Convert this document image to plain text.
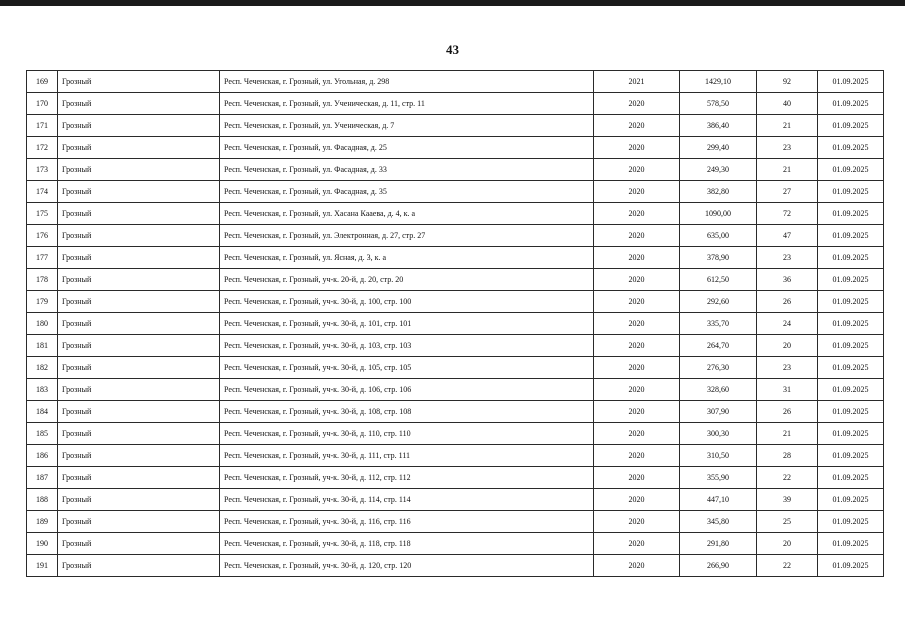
43
169	Грозный	Респ. Чеченская, г. Грозный, ул. Угольная, д. 298	2021	1429,10	92	01.09.2025
170	Грозный	Респ. Чеченская, г. Грозный, ул. Ученическая, д. 11, стр. 11	2020	578,50	40	01.09.2025
171	Грозный	Респ. Чеченская, г. Грозный, ул. Ученическая, д. 7	2020	386,40	21	01.09.2025
172	Грозный	Респ. Чеченская, г. Грозный, ул. Фасадная, д. 25	2020	299,40	23	01.09.2025
173	Грозный	Респ. Чеченская, г. Грозный, ул. Фасадная, д. 33	2020	249,30	21	01.09.2025
174	Грозный	Респ. Чеченская, г. Грозный, ул. Фасадная, д. 35	2020	382,80	27	01.09.2025
175	Грозный	Респ. Чеченская, г. Грозный, ул. Хасана Кааева, д. 4, к. а	2020	1090,00	72	01.09.2025
176	Грозный	Респ. Чеченская, г. Грозный, ул. Электронная, д. 27, стр. 27	2020	635,00	47	01.09.2025
177	Грозный	Респ. Чеченская, г. Грозный, ул. Ясная, д. 3, к. а	2020	378,90	23	01.09.2025
178	Грозный	Респ. Чеченская, г. Грозный, уч-к. 20-й, д. 20, стр. 20	2020	612,50	36	01.09.2025
179	Грозный	Респ. Чеченская, г. Грозный, уч-к. 30-й, д. 100, стр. 100	2020	292,60	26	01.09.2025
180	Грозный	Респ. Чеченская, г. Грозный, уч-к. 30-й, д. 101, стр. 101	2020	335,70	24	01.09.2025
181	Грозный	Респ. Чеченская, г. Грозный, уч-к. 30-й, д. 103, стр. 103	2020	264,70	20	01.09.2025
182	Грозный	Респ. Чеченская, г. Грозный, уч-к. 30-й, д. 105, стр. 105	2020	276,30	23	01.09.2025
183	Грозный	Респ. Чеченская, г. Грозный, уч-к. 30-й, д. 106, стр. 106	2020	328,60	31	01.09.2025
184	Грозный	Респ. Чеченская, г. Грозный, уч-к. 30-й, д. 108, стр. 108	2020	307,90	26	01.09.2025
185	Грозный	Респ. Чеченская, г. Грозный, уч-к. 30-й, д. 110, стр. 110	2020	300,30	21	01.09.2025
186	Грозный	Респ. Чеченская, г. Грозный, уч-к. 30-й, д. 111, стр. 111	2020	310,50	28	01.09.2025
187	Грозный	Респ. Чеченская, г. Грозный, уч-к. 30-й, д. 112, стр. 112	2020	355,90	22	01.09.2025
188	Грозный	Респ. Чеченская, г. Грозный, уч-к. 30-й, д. 114, стр. 114	2020	447,10	39	01.09.2025
189	Грозный	Респ. Чеченская, г. Грозный, уч-к. 30-й, д. 116, стр. 116	2020	345,80	25	01.09.2025
190	Грозный	Респ. Чеченская, г. Грозный, уч-к. 30-й, д. 118, стр. 118	2020	291,80	20	01.09.2025
191	Грозный	Респ. Чеченская, г. Грозный, уч-к. 30-й, д. 120, стр. 120	2020	266,90	22	01.09.2025
